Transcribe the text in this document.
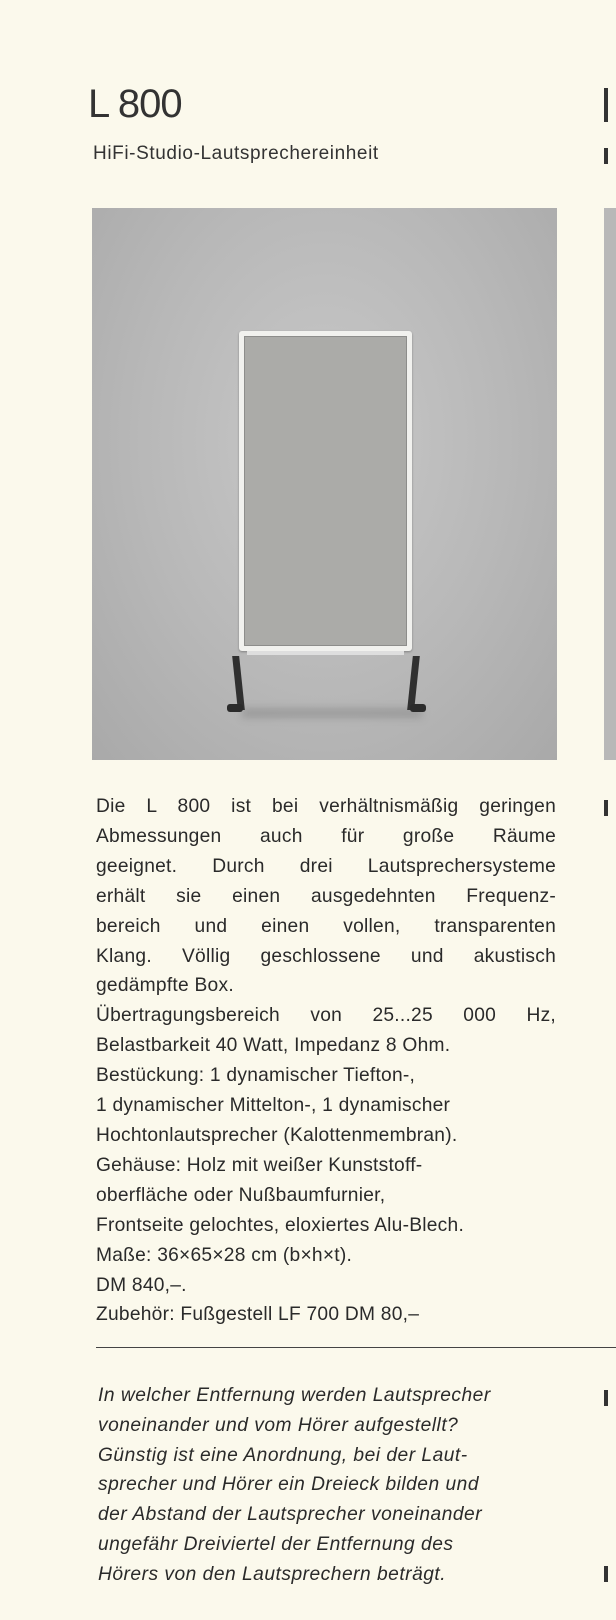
L 800
HiFi-Studio-Lautsprechereinheit

Die L 800 ist bei verhältnismäßig geringen

Abmessungen auch für große Räume

geeignet. Durch drei Lautsprechersysteme

erhält sie einen ausgedehnten Frequenz-

bereich und einen vollen, transparenten

Klang. Völlig geschlossene und akustisch

gedämpfte Box.

Übertragungsbereich von 25...25 000 Hz,

Belastbarkeit 40 Watt, Impedanz 8 Ohm.

Bestückung: 1 dynamischer Tiefton-,

1 dynamischer Mittelton-, 1 dynamischer

Hochtonlautsprecher (Kalottenmembran).

Gehäuse: Holz mit weißer Kunststoff-

oberfläche oder Nußbaumfurnier,

Frontseite gelochtes, eloxiertes Alu-Blech.

Maße: 36×65×28 cm (b×h×t).

DM 840,–.

Zubehör: Fußgestell LF 700 DM 80,–

In welcher Entfernung werden Lautsprecher

voneinander und vom Hörer aufgestellt?

Günstig ist eine Anordnung, bei der Laut-

sprecher und Hörer ein Dreieck bilden und

der Abstand der Lautsprecher voneinander

ungefähr Dreiviertel der Entfernung des

Hörers von den Lautsprechern beträgt.
